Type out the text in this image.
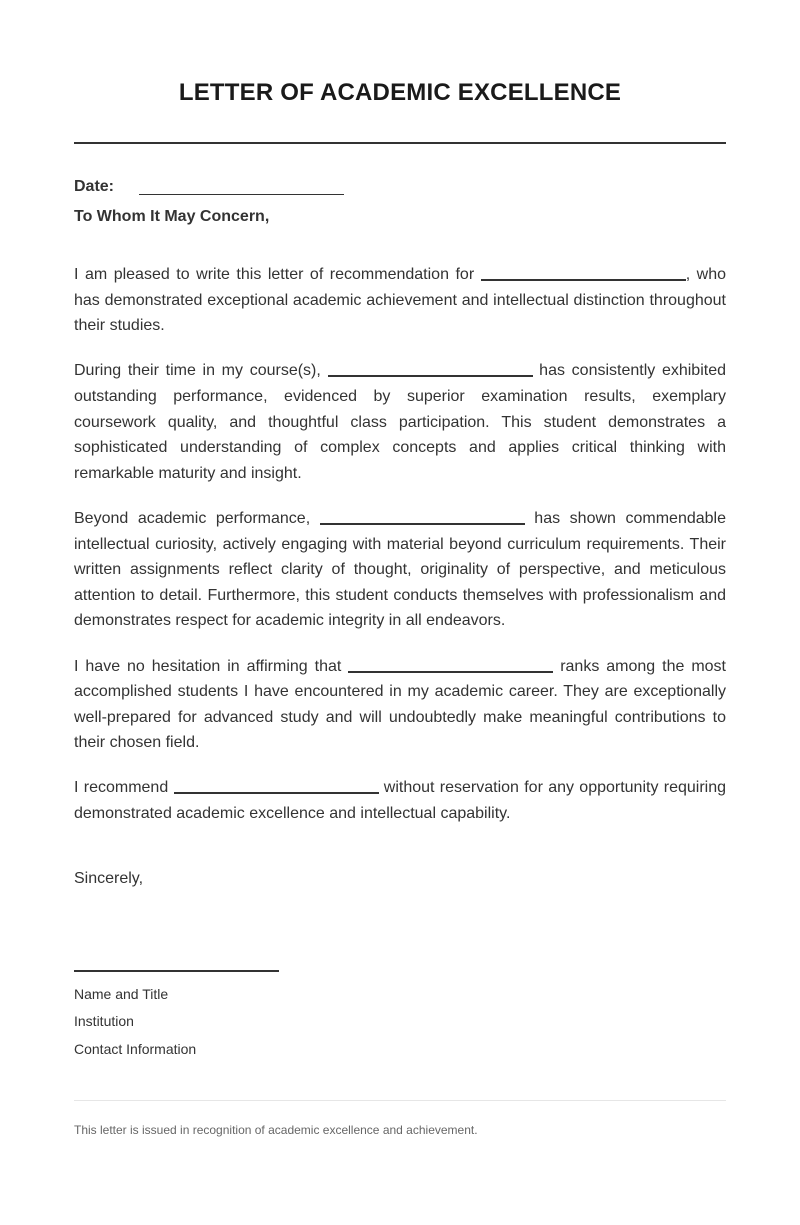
LETTER OF ACADEMIC EXCELLENCE
Date:
To Whom It May Concern,

I am pleased to write this letter of recommendation for	, who has demonstrated exceptional academic achievement and intellectual distinction throughout their studies.

During their time in my course(s),	has consistently exhibited outstanding performance, evidenced by superior examination results, exemplary coursework quality, and thoughtful class participation. This student demonstrates a sophisticated understanding of complex concepts and applies critical thinking with remarkable maturity and insight.

Beyond academic performance,	has shown commendable intellectual curiosity, actively engaging with material beyond curriculum requirements. Their written assignments reflect clarity of thought, originality of perspective, and meticulous attention to detail. Furthermore, this student conducts themselves with professionalism and demonstrates respect for academic integrity in all endeavors.

I have no hesitation in affirming that	ranks among the most accomplished students I have encountered in my academic career. They are exceptionally well-prepared for advanced study and will undoubtedly make meaningful contributions to their chosen field.

I recommend	without reservation for any opportunity requiring demonstrated academic excellence and intellectual capability.

Sincerely,
Name and Title
Institution
Contact Information
This letter is issued in recognition of academic excellence and achievement.
